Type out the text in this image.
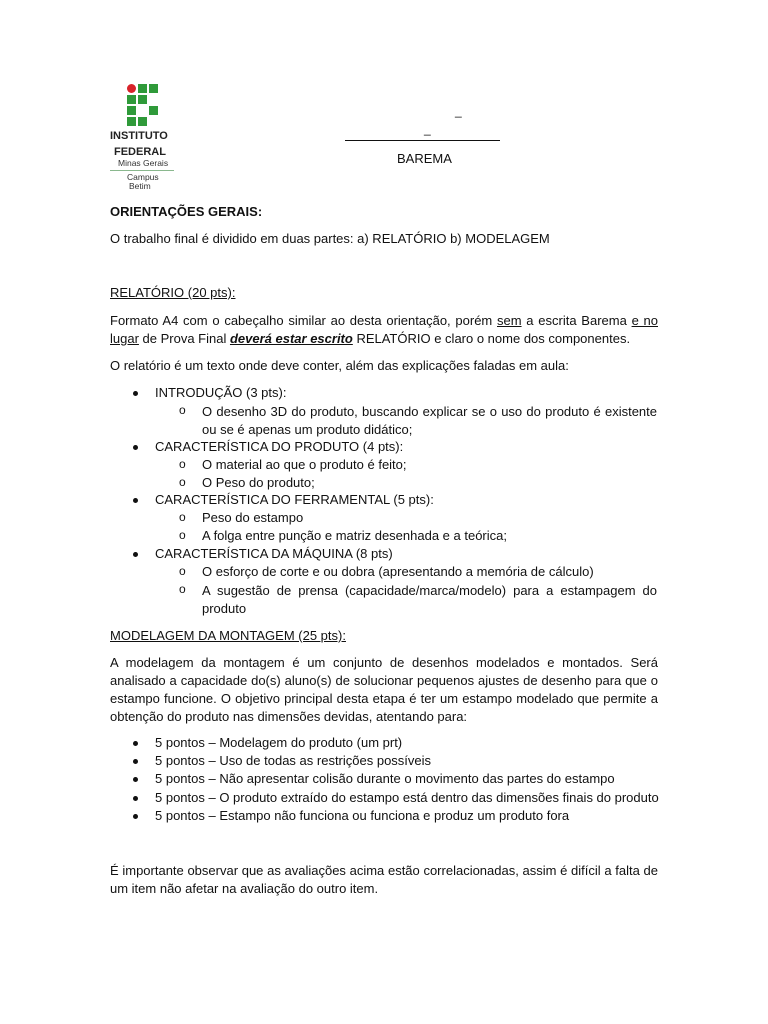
INSTITUTO
FEDERAL
Minas Gerais
Campus
Betim
_
_
BAREMA
ORIENTAÇÕES GERAIS:
O trabalho final é dividido em duas partes: a) RELATÓRIO b) MODELAGEM
RELATÓRIO (20 pts):
Formato A4 com o cabeçalho similar ao desta orientação, porém sem a escrita Barema e no lugar de Prova Final deverá estar escrito RELATÓRIO e claro o nome dos componentes.
O relatório é um texto onde deve conter, além das explicações faladas em aula:
INTRODUÇÃO (3 pts):
O desenho 3D do produto, buscando explicar se o uso do produto é existente ou se é apenas um produto didático;
CARACTERÍSTICA DO PRODUTO (4 pts):
O material ao que o produto é feito;
O Peso do produto;
CARACTERÍSTICA DO FERRAMENTAL (5 pts):
Peso do estampo
A folga entre punção e matriz desenhada e a teórica;
CARACTERÍSTICA DA MÁQUINA (8 pts)
O esforço de corte e ou dobra (apresentando a memória de cálculo)
A sugestão de prensa (capacidade/marca/modelo) para a estampagem do produto
MODELAGEM DA MONTAGEM (25 pts):
A modelagem da montagem é um conjunto de desenhos modelados e montados. Será analisado a capacidade do(s) aluno(s) de solucionar pequenos ajustes de desenho para que o estampo funcione. O objetivo principal desta etapa é ter um estampo modelado que permite a obtenção do produto nas dimensões devidas, atentando para:
5 pontos – Modelagem do produto (um prt)
5 pontos – Uso de todas as restrições possíveis
5 pontos – Não apresentar colisão durante o movimento das partes do estampo
5 pontos – O produto extraído do estampo está dentro das dimensões finais do produto
5 pontos – Estampo não funciona ou funciona e produz um produto fora
É importante observar que as avaliações acima estão correlacionadas, assim é difícil a falta de um item não afetar na avaliação do outro item.
